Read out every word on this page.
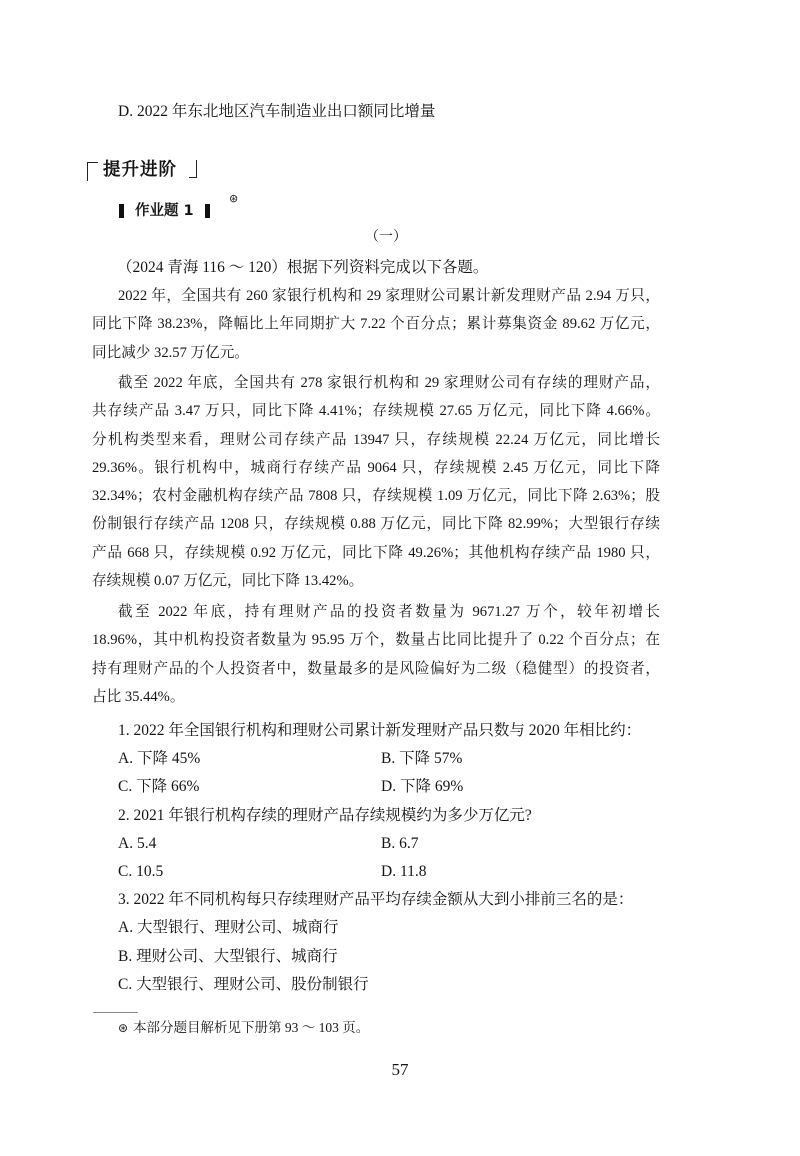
D. 2022 年东北地区汽车制造业出口额同比增量
提升进阶
作业题 1
⊛
（一）
（2024 青海 116 ～ 120）根据下列资料完成以下各题。
2022 年，全国共有 260 家银行机构和 29 家理财公司累计新发理财产品 2.94 万只，
同比下降 38.23%，降幅比上年同期扩大 7.22 个百分点；累计募集资金 89.62 万亿元，
同比减少 32.57 万亿元。
截至 2022 年底，全国共有 278 家银行机构和 29 家理财公司有存续的理财产品，
共存续产品 3.47 万只，同比下降 4.41%；存续规模 27.65 万亿元，同比下降 4.66%。
分机构类型来看，理财公司存续产品 13947 只，存续规模 22.24 万亿元，同比增长
29.36%。银行机构中，城商行存续产品 9064 只，存续规模 2.45 万亿元，同比下降
32.34%；农村金融机构存续产品 7808 只，存续规模 1.09 万亿元，同比下降 2.63%；股
份制银行存续产品 1208 只，存续规模 0.88 万亿元，同比下降 82.99%；大型银行存续
产品 668 只，存续规模 0.92 万亿元，同比下降 49.26%；其他机构存续产品 1980 只，
存续规模 0.07 万亿元，同比下降 13.42%。
截至 2022 年底，持有理财产品的投资者数量为 9671.27 万个，较年初增长
18.96%，其中机构投资者数量为 95.95 万个，数量占比同比提升了 0.22 个百分点；在
持有理财产品的个人投资者中，数量最多的是风险偏好为二级（稳健型）的投资者，
占比 35.44%。
1. 2022 年全国银行机构和理财公司累计新发理财产品只数与 2020 年相比约：
A. 下降 45%	B. 下降 57%
C. 下降 66%	D. 下降 69%
2. 2021 年银行机构存续的理财产品存续规模约为多少万亿元?
A. 5.4	B. 6.7
C. 10.5	D. 11.8
3. 2022 年不同机构每只存续理财产品平均存续金额从大到小排前三名的是：
A. 大型银行、理财公司、城商行
B. 理财公司、大型银行、城商行
C. 大型银行、理财公司、股份制银行
⊛ 本部分题目解析见下册第 93 ～ 103 页。
57
